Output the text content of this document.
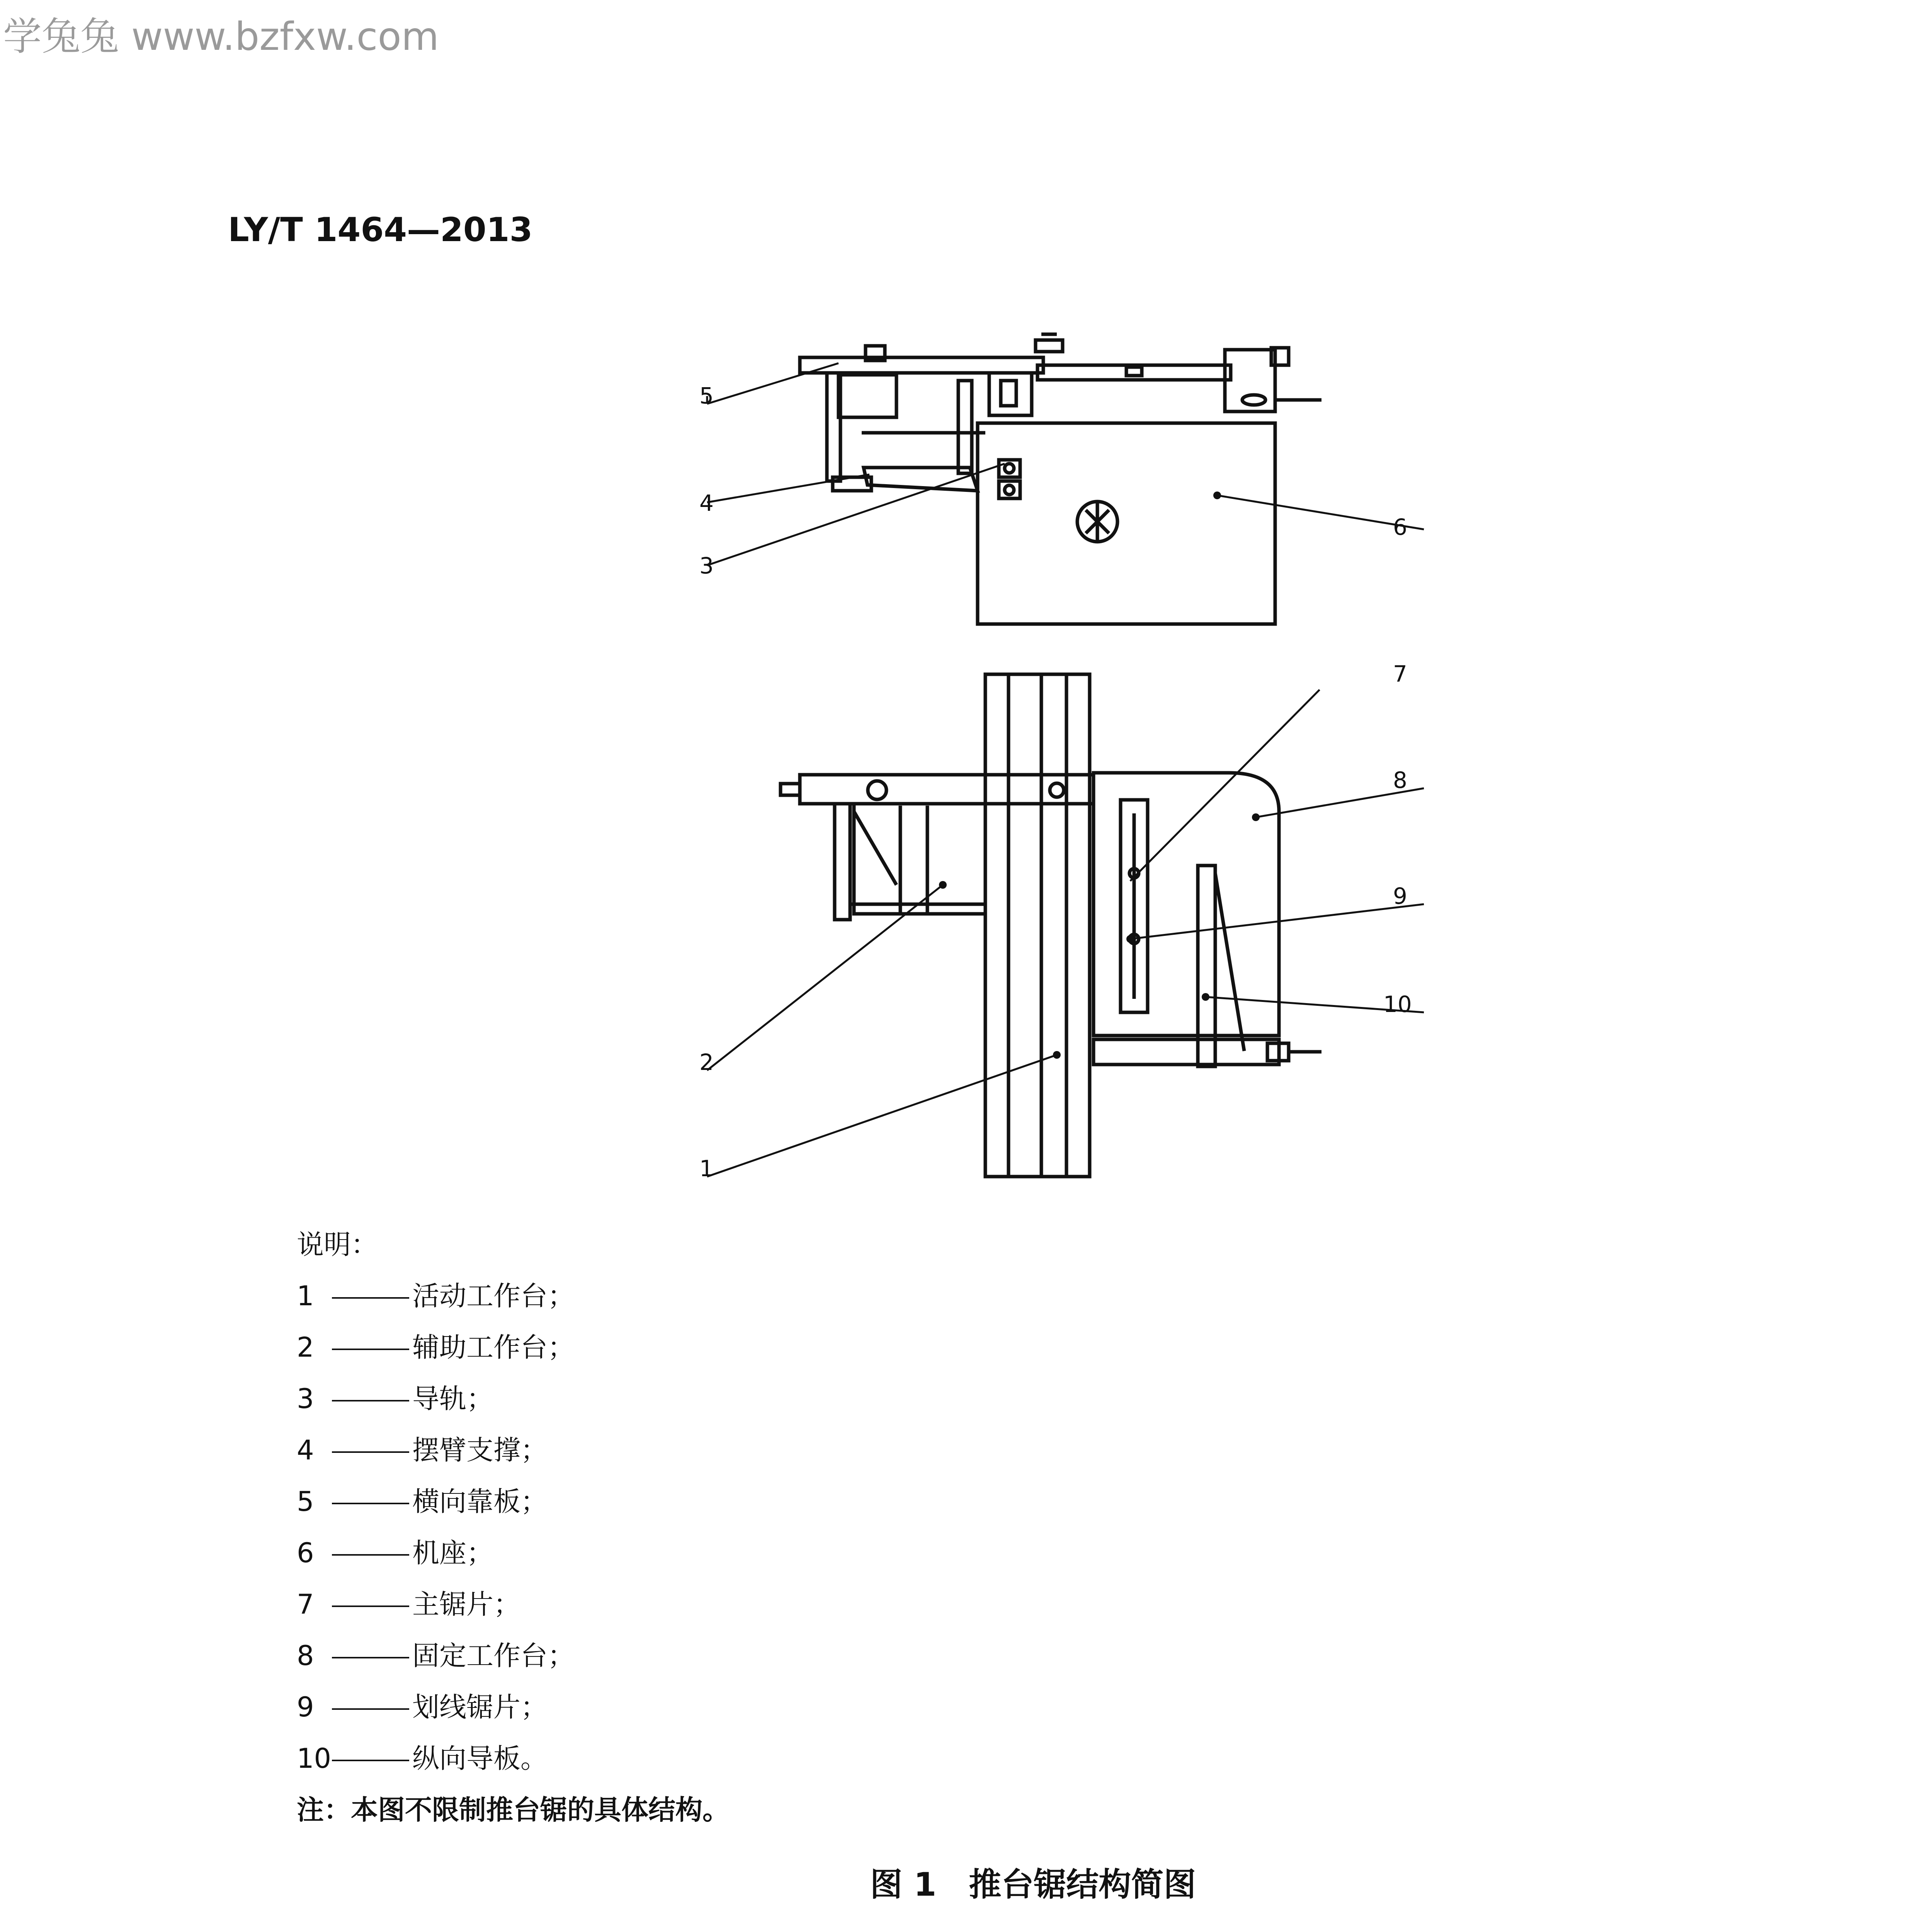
学兔兔 www.bzfxw.com
LY/T 1464—2013
5
4
3
6
7
8
9
10
2
1
说明：
1	活动工作台；
2	辅助工作台；
3	导轨；
4	摆臂支撑；
5	横向靠板；
6	机座；
7	主锯片；
8	固定工作台；
9	划线锯片；
10	纵向导板。
注：本图不限制推台锯的具体结构。
图 1　推台锯结构简图
